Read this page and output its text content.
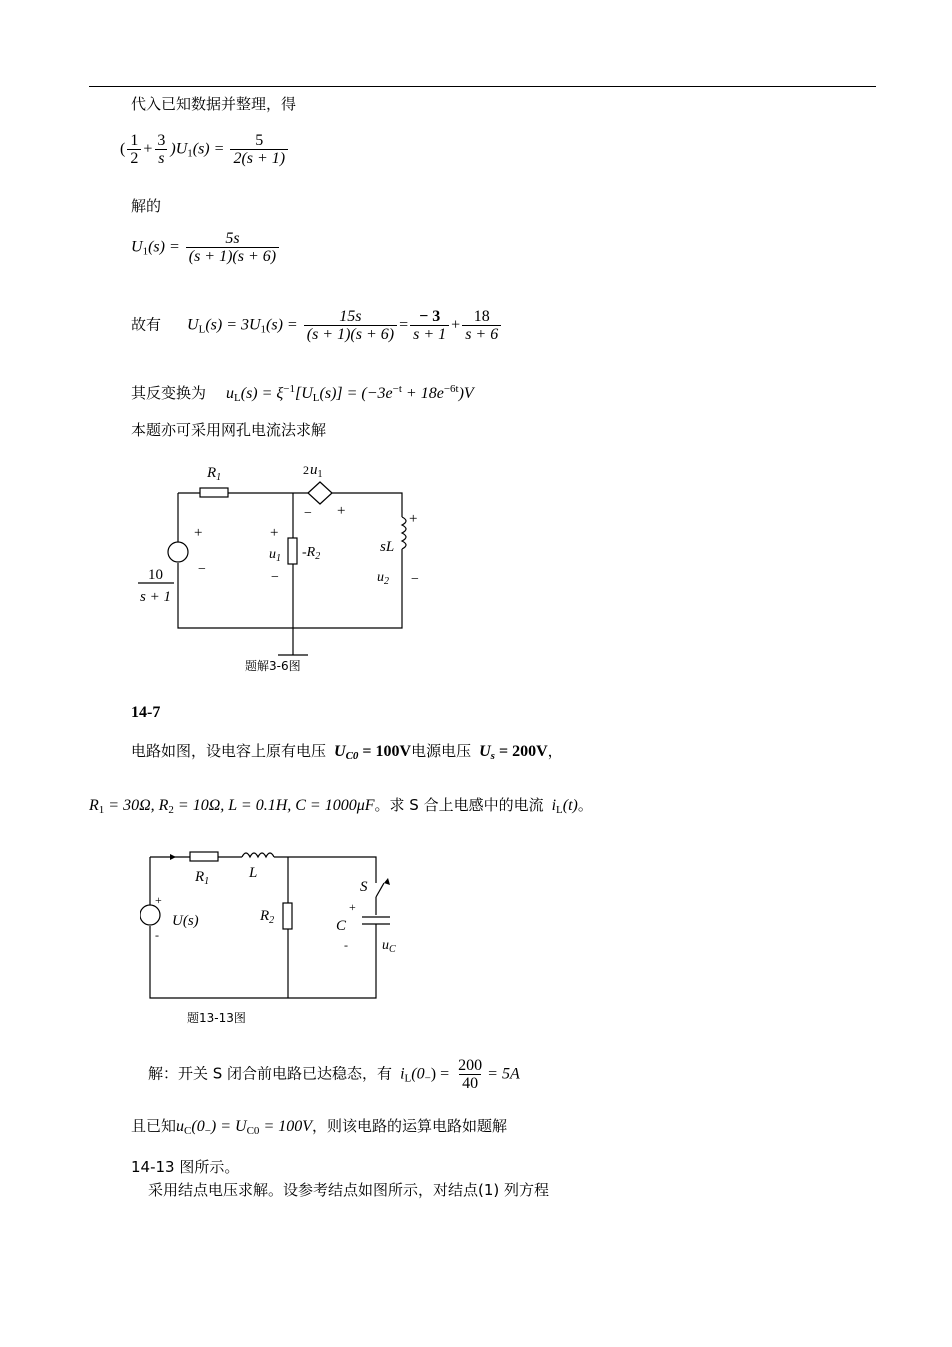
代入已知数据并整理，得
( $\frac{1}{2} + \frac{3}{s} )U_1(s) = \frac{5}{2(s + 1)}$
解的
$U_1(s) = \frac{5s}{(s + 1)(s + 6)}$
故有 $U_L(s) = 3U_1(s) = \frac{15s}{(s + 1)(s + 6)} = \frac{- 3}{s + 1} + \frac{18}{s + 6}$
其反变换为 $u_L(s) = \xi^{-1}[U_L(s)] = (-3e^{-t} + 18e^{-6t})V$
本题亦可采用网孔电流法求解
$R_1$
$2u_1$
− +
+
−
+
$u_1$
−
$-R_2$
+
sL
$u_2$ −
10
s + 1
题解3-6图
14-7
电路如图，设电容上原有电压 $U_{C0} = 100V$电源电压 $U_s = 200V$，
$R_1 = 30\Omega$, $R_2 = 10\Omega$, L = 0.1H, C = 1000μF。求 S 合上电感中的电流 $i_L(t)$。
$R_1$
L
S
+
U(s)
-
$R_2$
+
C
- $u_C$
题13-13图
解：开关 S 闭合前电路已达稳态，有 $i_L(0_-) = \frac{200}{40} = 5A$
且已知$u_C(0_-) = U_{C0} = 100V$，则该电路的运算电路如题解
14-13 图所示。
采用结点电压求解。设参考结点如图所示，对结点(1) 列方程
